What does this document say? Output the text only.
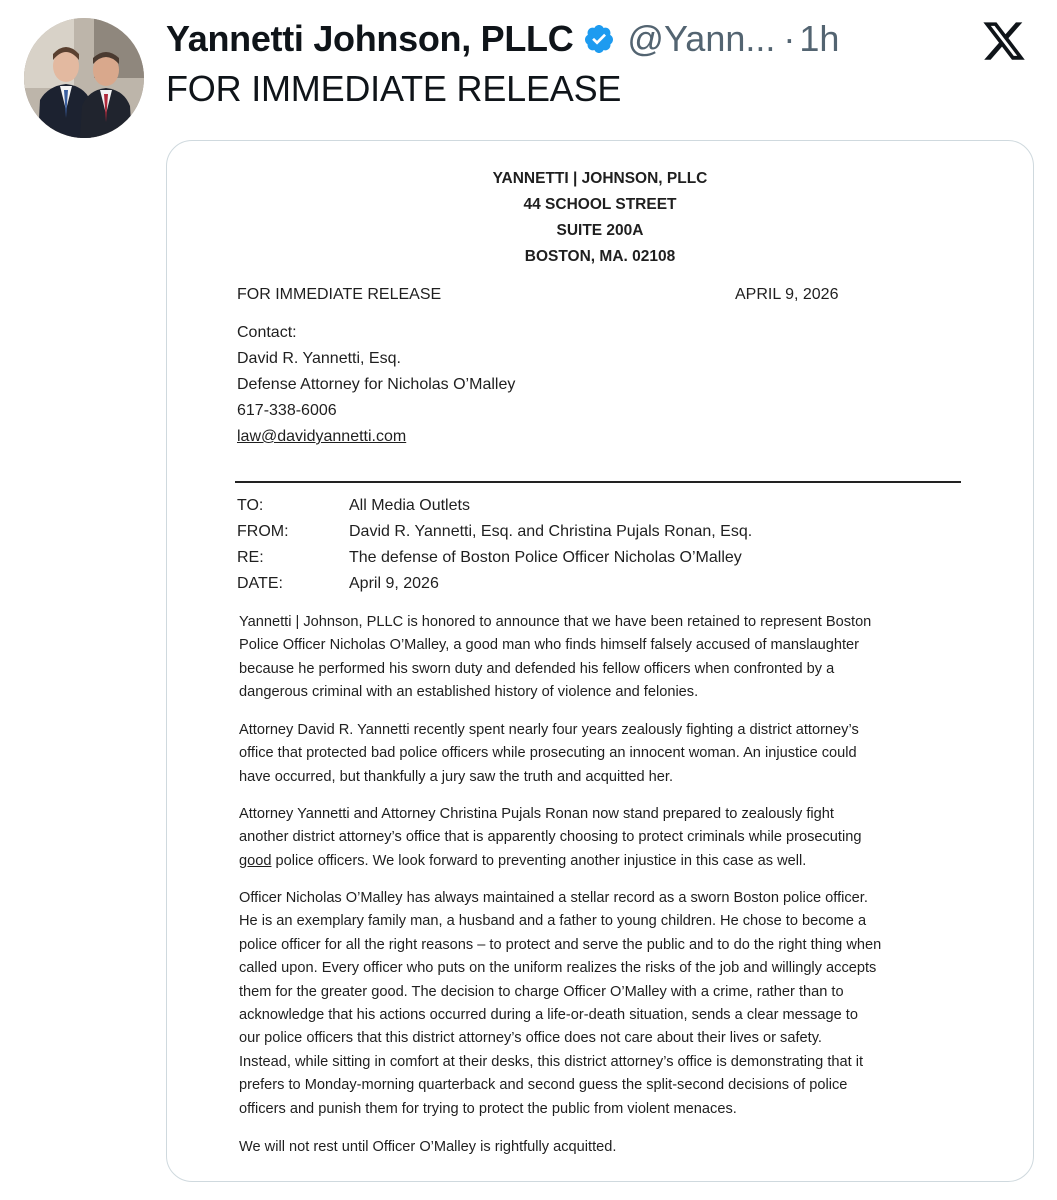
Yannetti Johnson, PLLC @Yann... · 1h
FOR IMMEDIATE RELEASE
YANNETTI | JOHNSON, PLLC
44 SCHOOL STREET
SUITE 200A
BOSTON, MA. 02108
FOR IMMEDIATE RELEASE	APRIL 9, 2026
Contact:
David R. Yannetti, Esq.
Defense Attorney for Nicholas O’Malley
617-338-6006
law@davidyannetti.com
TO:	All Media Outlets
FROM:	David R. Yannetti, Esq. and Christina Pujals Ronan, Esq.
RE:	The defense of Boston Police Officer Nicholas O’Malley
DATE:	April 9, 2026
Yannetti | Johnson, PLLC is honored to announce that we have been retained to represent Boston
Police Officer Nicholas O’Malley, a good man who finds himself falsely accused of manslaughter
because he performed his sworn duty and defended his fellow officers when confronted by a
dangerous criminal with an established history of violence and felonies.
Attorney David R. Yannetti recently spent nearly four years zealously fighting a district attorney’s
office that protected bad police officers while prosecuting an innocent woman. An injustice could
have occurred, but thankfully a jury saw the truth and acquitted her.
Attorney Yannetti and Attorney Christina Pujals Ronan now stand prepared to zealously fight
another district attorney’s office that is apparently choosing to protect criminals while prosecuting
good police officers. We look forward to preventing another injustice in this case as well.
Officer Nicholas O’Malley has always maintained a stellar record as a sworn Boston police officer.
He is an exemplary family man, a husband and a father to young children. He chose to become a
police officer for all the right reasons – to protect and serve the public and to do the right thing when
called upon. Every officer who puts on the uniform realizes the risks of the job and willingly accepts
them for the greater good. The decision to charge Officer O’Malley with a crime, rather than to
acknowledge that his actions occurred during a life-or-death situation, sends a clear message to
our police officers that this district attorney’s office does not care about their lives or safety.
Instead, while sitting in comfort at their desks, this district attorney’s office is demonstrating that it
prefers to Monday-morning quarterback and second guess the split-second decisions of police
officers and punish them for trying to protect the public from violent menaces.
We will not rest until Officer O’Malley is rightfully acquitted.
